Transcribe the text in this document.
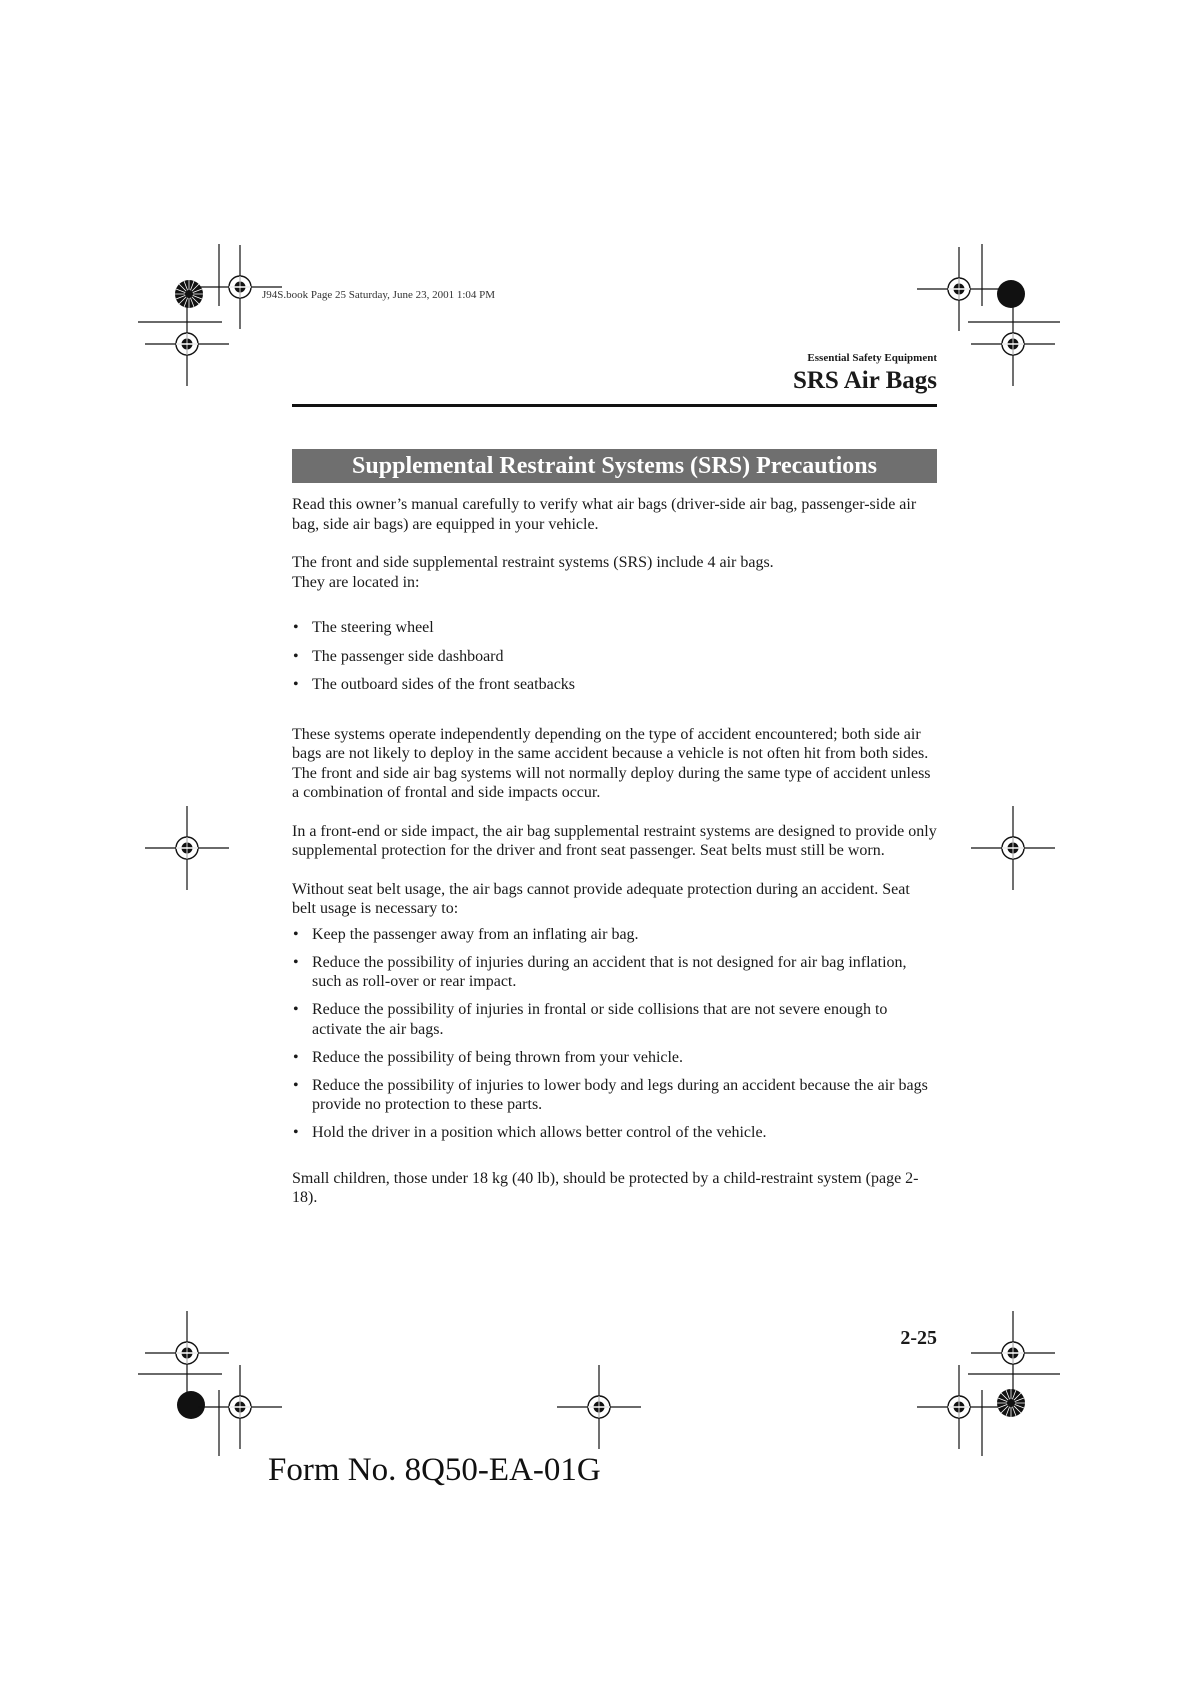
J94S.book Page 25 Saturday, June 23, 2001 1:04 PM
Essential Safety Equipment
SRS Air Bags
Supplemental Restraint Systems (SRS) Precautions

Read this owner’s manual carefully to verify what air bags (driver-side air bag, passenger-side air bag, side air bags) are equipped in your vehicle.

The front and side supplemental restraint systems (SRS) include 4 air bags.

They are located in:

• The steering wheel
• The passenger side dashboard
• The outboard sides of the front seatbacks

These systems operate independently depending on the type of accident encountered; both side air bags are not likely to deploy in the same accident because a vehicle is not often hit from both sides. The front and side air bag systems will not normally deploy during the same type of accident unless a combination of frontal and side impacts occur.

In a front-end or side impact, the air bag supplemental restraint systems are designed to provide only supplemental protection for the driver and front seat passenger. Seat belts must still be worn.

Without seat belt usage, the air bags cannot provide adequate protection during an accident. Seat belt usage is necessary to:

• Keep the passenger away from an inflating air bag.
• Reduce the possibility of injuries during an accident that is not designed for air bag inflation, such as roll-over or rear impact.
• Reduce the possibility of injuries in frontal or side collisions that are not severe enough to activate the air bags.
• Reduce the possibility of being thrown from your vehicle.
• Reduce the possibility of injuries to lower body and legs during an accident because the air bags provide no protection to these parts.
• Hold the driver in a position which allows better control of the vehicle.

Small children, those under 18 kg (40 lb), should be protected by a child-restraint system (page 2-18).

2-25
Form No. 8Q50-EA-01G
